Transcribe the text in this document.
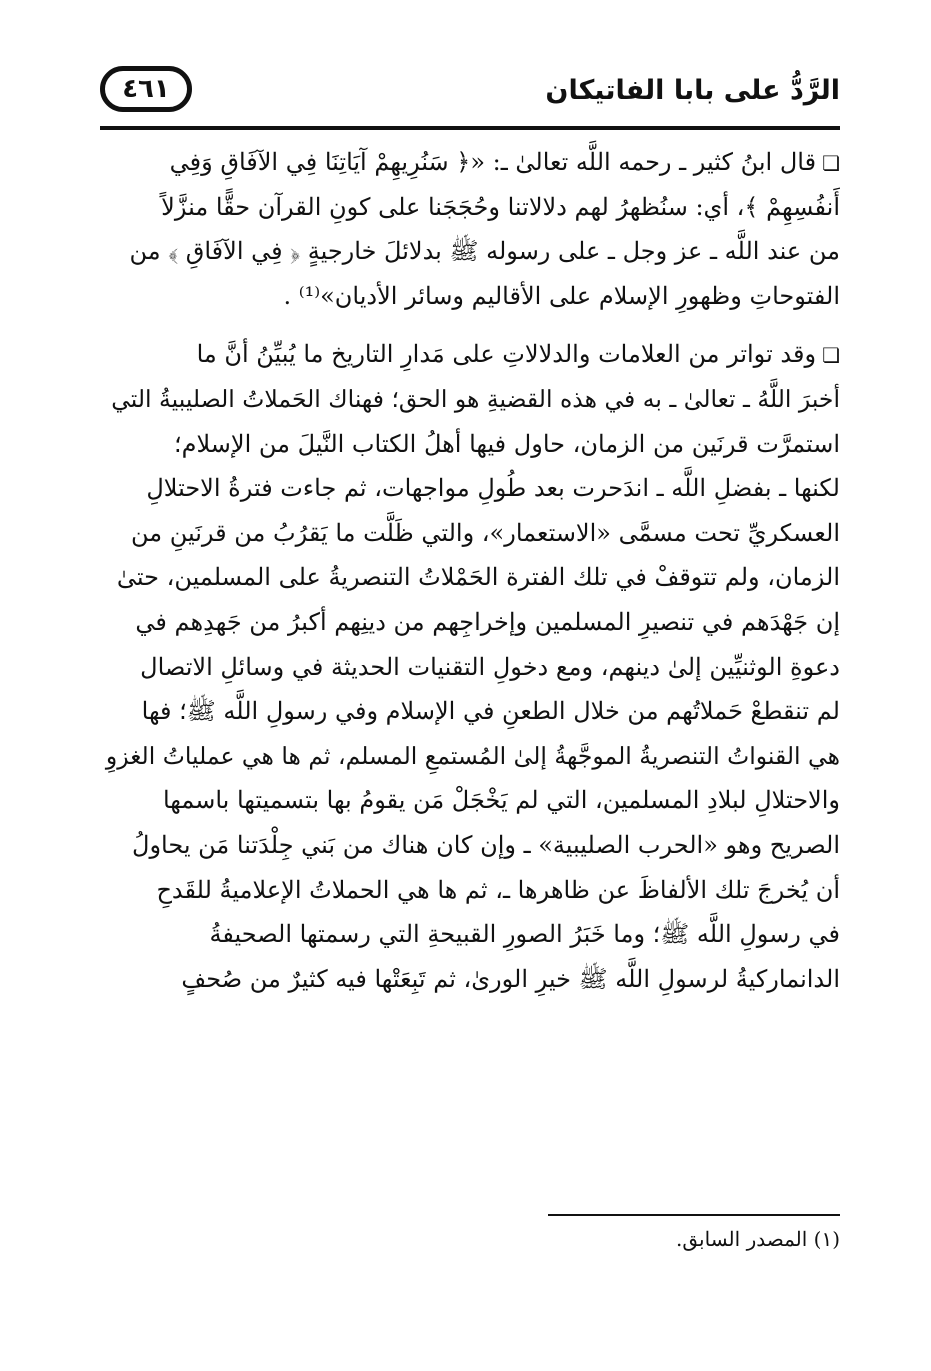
٤٦١	الرَّدُّ على بابا الفاتيكان
❏قال ابنُ كثير ـ رحمه اللَّه تعالىٰ ـ: «﴿ سَنُرِيهِمْ آيَاتِنَا فِي الآفَاقِ وَفِي
أَنفُسِهِمْ ﴾، أي: سنُظهرُ لهم دلالاتنا وحُجَجَنا على كونِ القرآن حقًّا منزَّلاً
من عند اللَّه ـ عز وجل ـ على رسوله ﷺ بدلائلَ خارجيةٍ ﴿ فِي الآفَاقِ ﴾ من
الفتوحاتِ وظهورِ الإسلام على الأقاليم وسائر الأديان»⁽¹⁾ .
❏وقد تواتر من العلامات والدلالاتِ على مَدارِ التاريخ ما يُبيِّنُ أنَّ ما
أخبرَ اللَّهُ ـ تعالىٰ ـ به في هذه القضيةِ هو الحق؛ فهناك الحَملاتُ الصليبيةُ التي
استمرَّت قرنَين من الزمان، حاول فيها أهلُ الكتاب النَّيلَ من الإسلام؛
لكنها ـ بفضلِ اللَّه ـ اندَحرت بعد طُولِ مواجهات، ثم جاءت فترةُ الاحتلالِ
العسكريِّ تحت مسمَّى «الاستعمار»، والتي ظَلَّت ما يَقرُبُ من قرنَينِ من
الزمان، ولم تتوقفْ في تلك الفترة الحَمْلاتُ التنصريةُ على المسلمين، حتىٰ
إن جَهْدَهم في تنصيرِ المسلمين وإخراجِهم من دينِهم أكبرُ من جَهدِهم في
دعوةِ الوثنيِّين إلىٰ دينهم، ومع دخولِ التقنيات الحديثة في وسائلِ الاتصال
لم تنقطعْ حَملاتُهم من خلال الطعنِ في الإسلام وفي رسولِ اللَّه ﷺ؛ فها
هي القنواتُ التنصريةُ الموجَّهةُ إلىٰ المُستمعِ المسلم، ثم ها هي عملياتُ الغزوِ
والاحتلالِ لبلادِ المسلمين، التي لم يَخْجَلْ مَن يقومُ بها بتسميتها باسمها
الصريح وهو «الحرب الصليبية» ـ وإن كان هناك من بَني جِلْدَتنا مَن يحاولُ
أن يُخرجَ تلك الألفاظَ عن ظاهرها ـ، ثم ها هي الحملاتُ الإعلاميةُ للقَدحِ
في رسولِ اللَّه ﷺ؛ وما خَبَرُ الصورِ القبيحةِ التي رسمتها الصحيفةُ
الدانماركيةُ لرسولِ اللَّه ﷺ خيرِ الورىٰ، ثم تَبِعَتْها فيه كثيرٌ من صُحفٍ
(١) المصدر السابق.
